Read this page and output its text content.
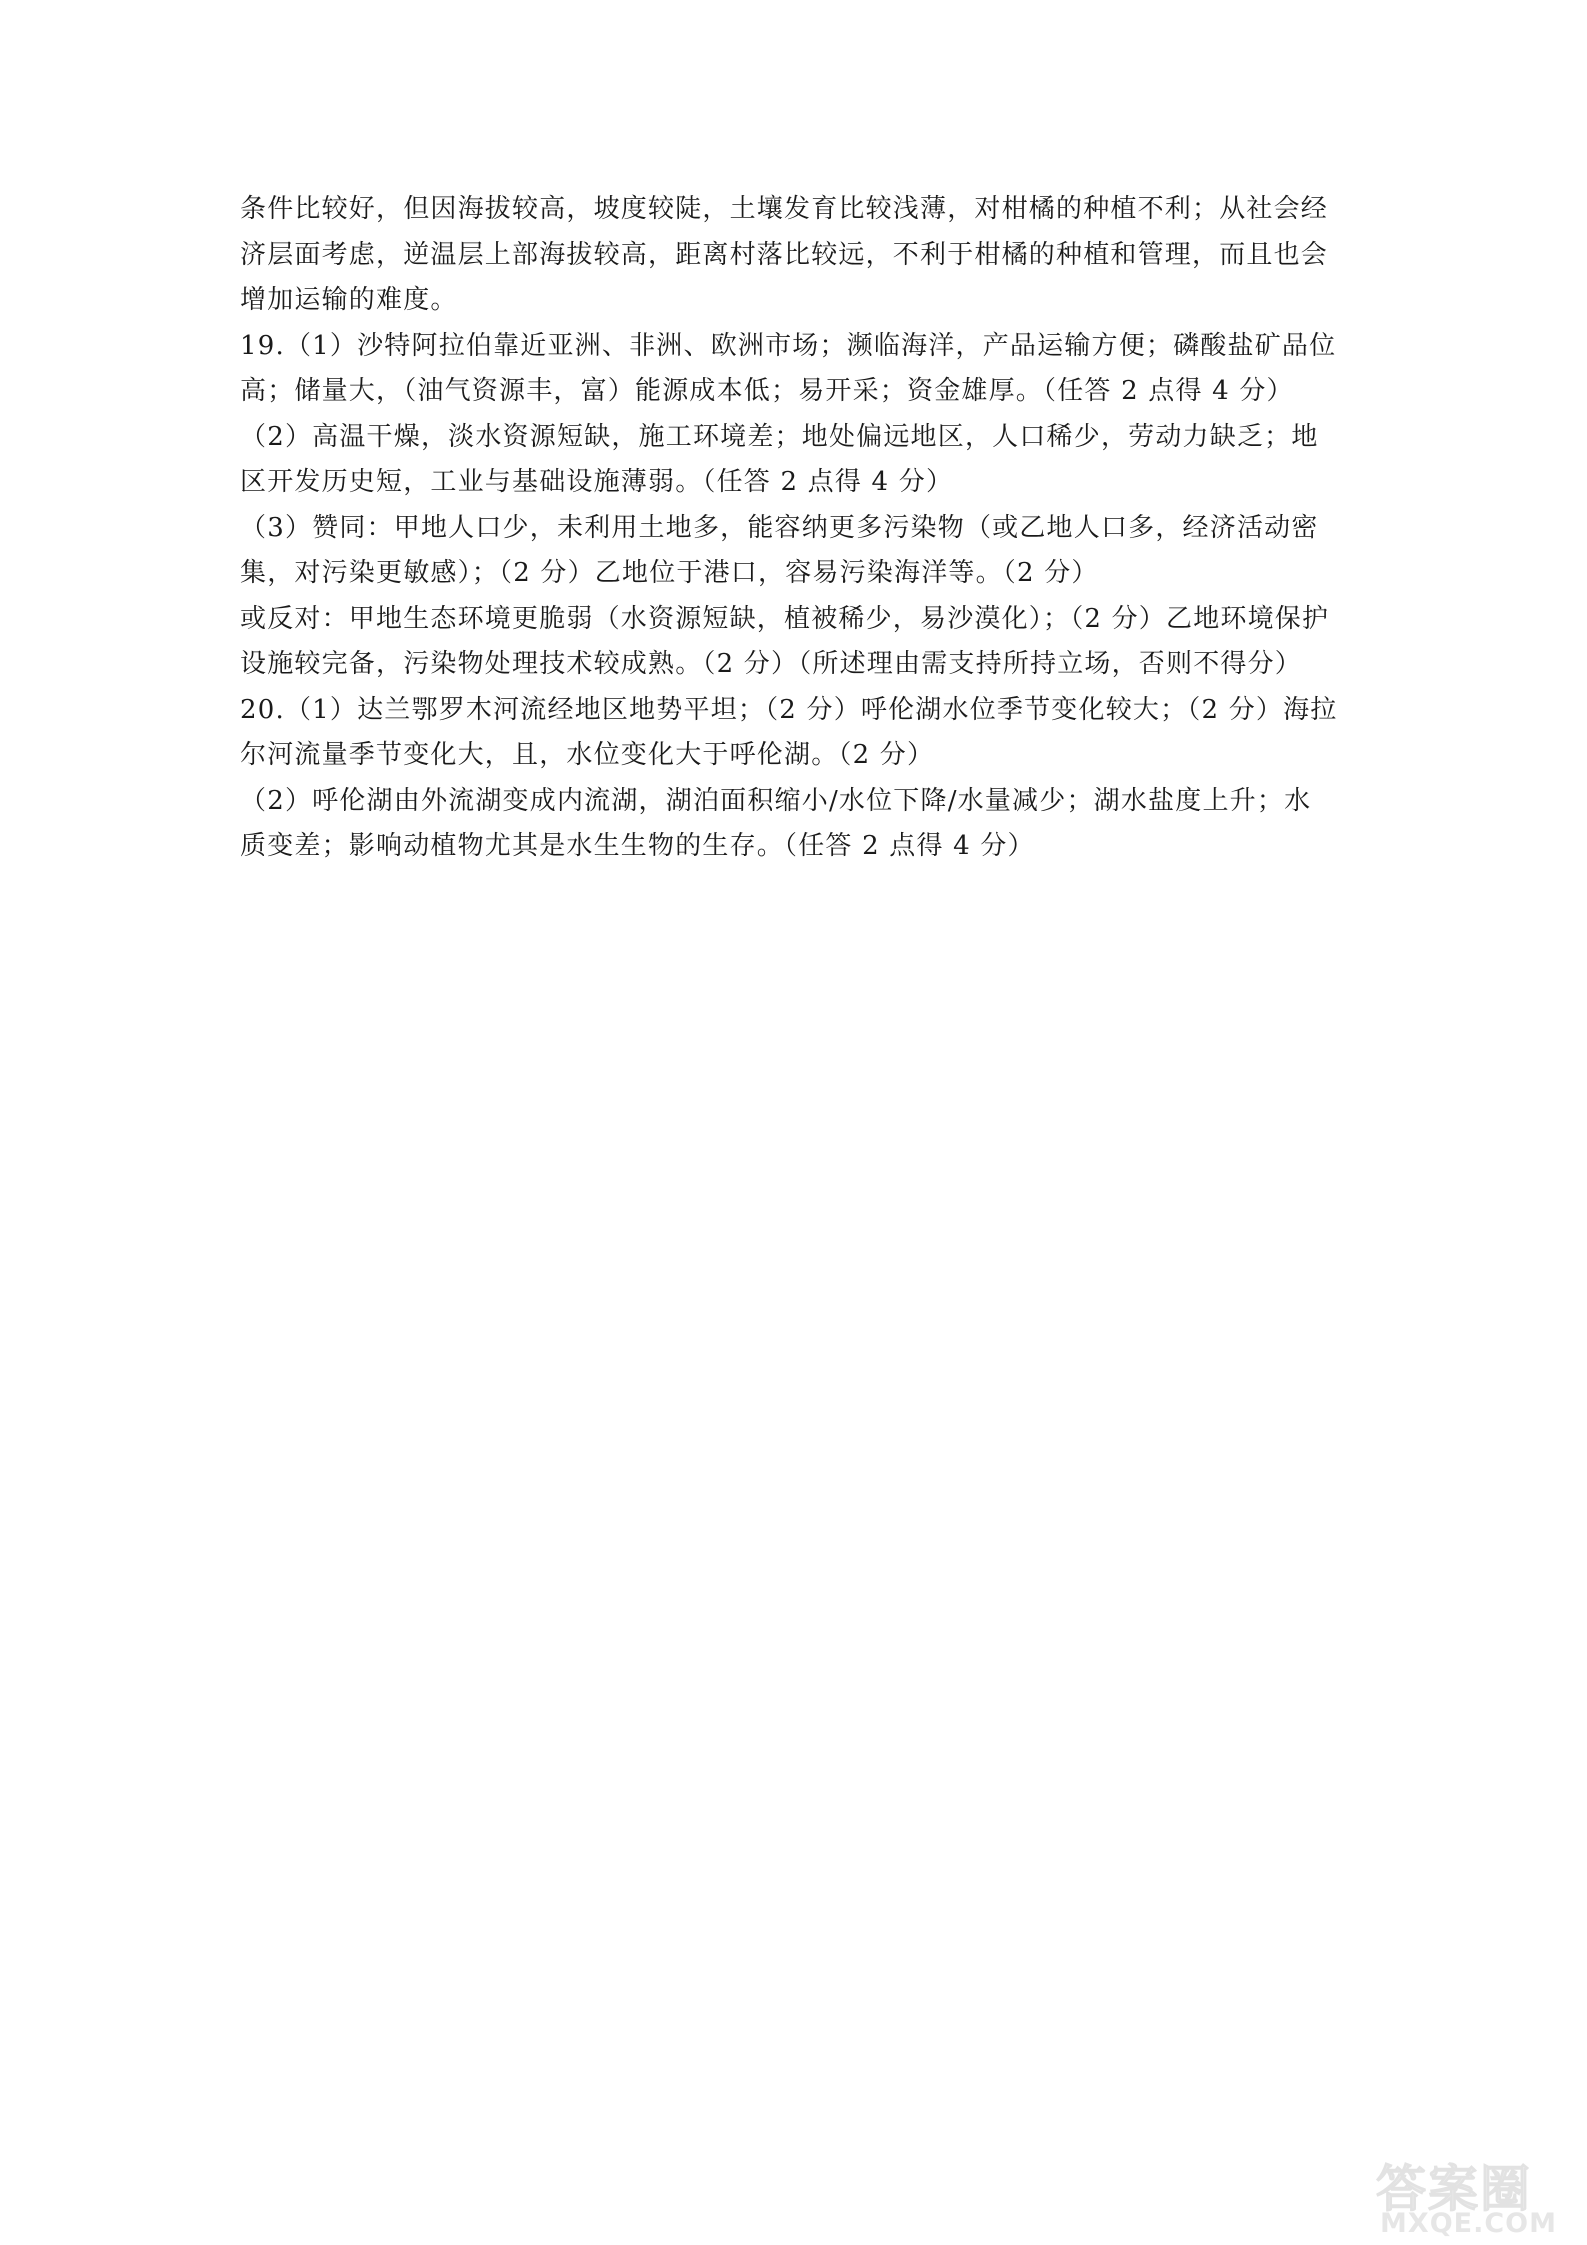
条件比较好，但因海拔较高，坡度较陡，土壤发育比较浅薄，对柑橘的种植不利；从社会经
济层面考虑，逆温层上部海拔较高，距离村落比较远，不利于柑橘的种植和管理，而且也会
增加运输的难度。
19.（1）沙特阿拉伯靠近亚洲、非洲、欧洲市场；濒临海洋，产品运输方便；磷酸盐矿品位
高；储量大，（油气资源丰，富）能源成本低；易开采；资金雄厚。（任答 2 点得 4 分）
（2）高温干燥，淡水资源短缺，施工环境差；地处偏远地区，人口稀少，劳动力缺乏；地
区开发历史短，工业与基础设施薄弱。（任答 2 点得 4 分）
（3）赞同：甲地人口少，未利用土地多，能容纳更多污染物（或乙地人口多，经济活动密
集，对污染更敏感）；（2 分）乙地位于港口，容易污染海洋等。（2 分）
或反对：甲地生态环境更脆弱（水资源短缺，植被稀少，易沙漠化）；（2 分）乙地环境保护
设施较完备，污染物处理技术较成熟。（2 分）（所述理由需支持所持立场，否则不得分）
20.（1）达兰鄂罗木河流经地区地势平坦；（2 分）呼伦湖水位季节变化较大；（2 分）海拉
尔河流量季节变化大，且，水位变化大于呼伦湖。（2 分）
（2）呼伦湖由外流湖变成内流湖，湖泊面积缩小/水位下降/水量减少；湖水盐度上升；水
质变差；影响动植物尤其是水生生物的生存。（任答 2 点得 4 分）
答案圈
MXQE.COM
